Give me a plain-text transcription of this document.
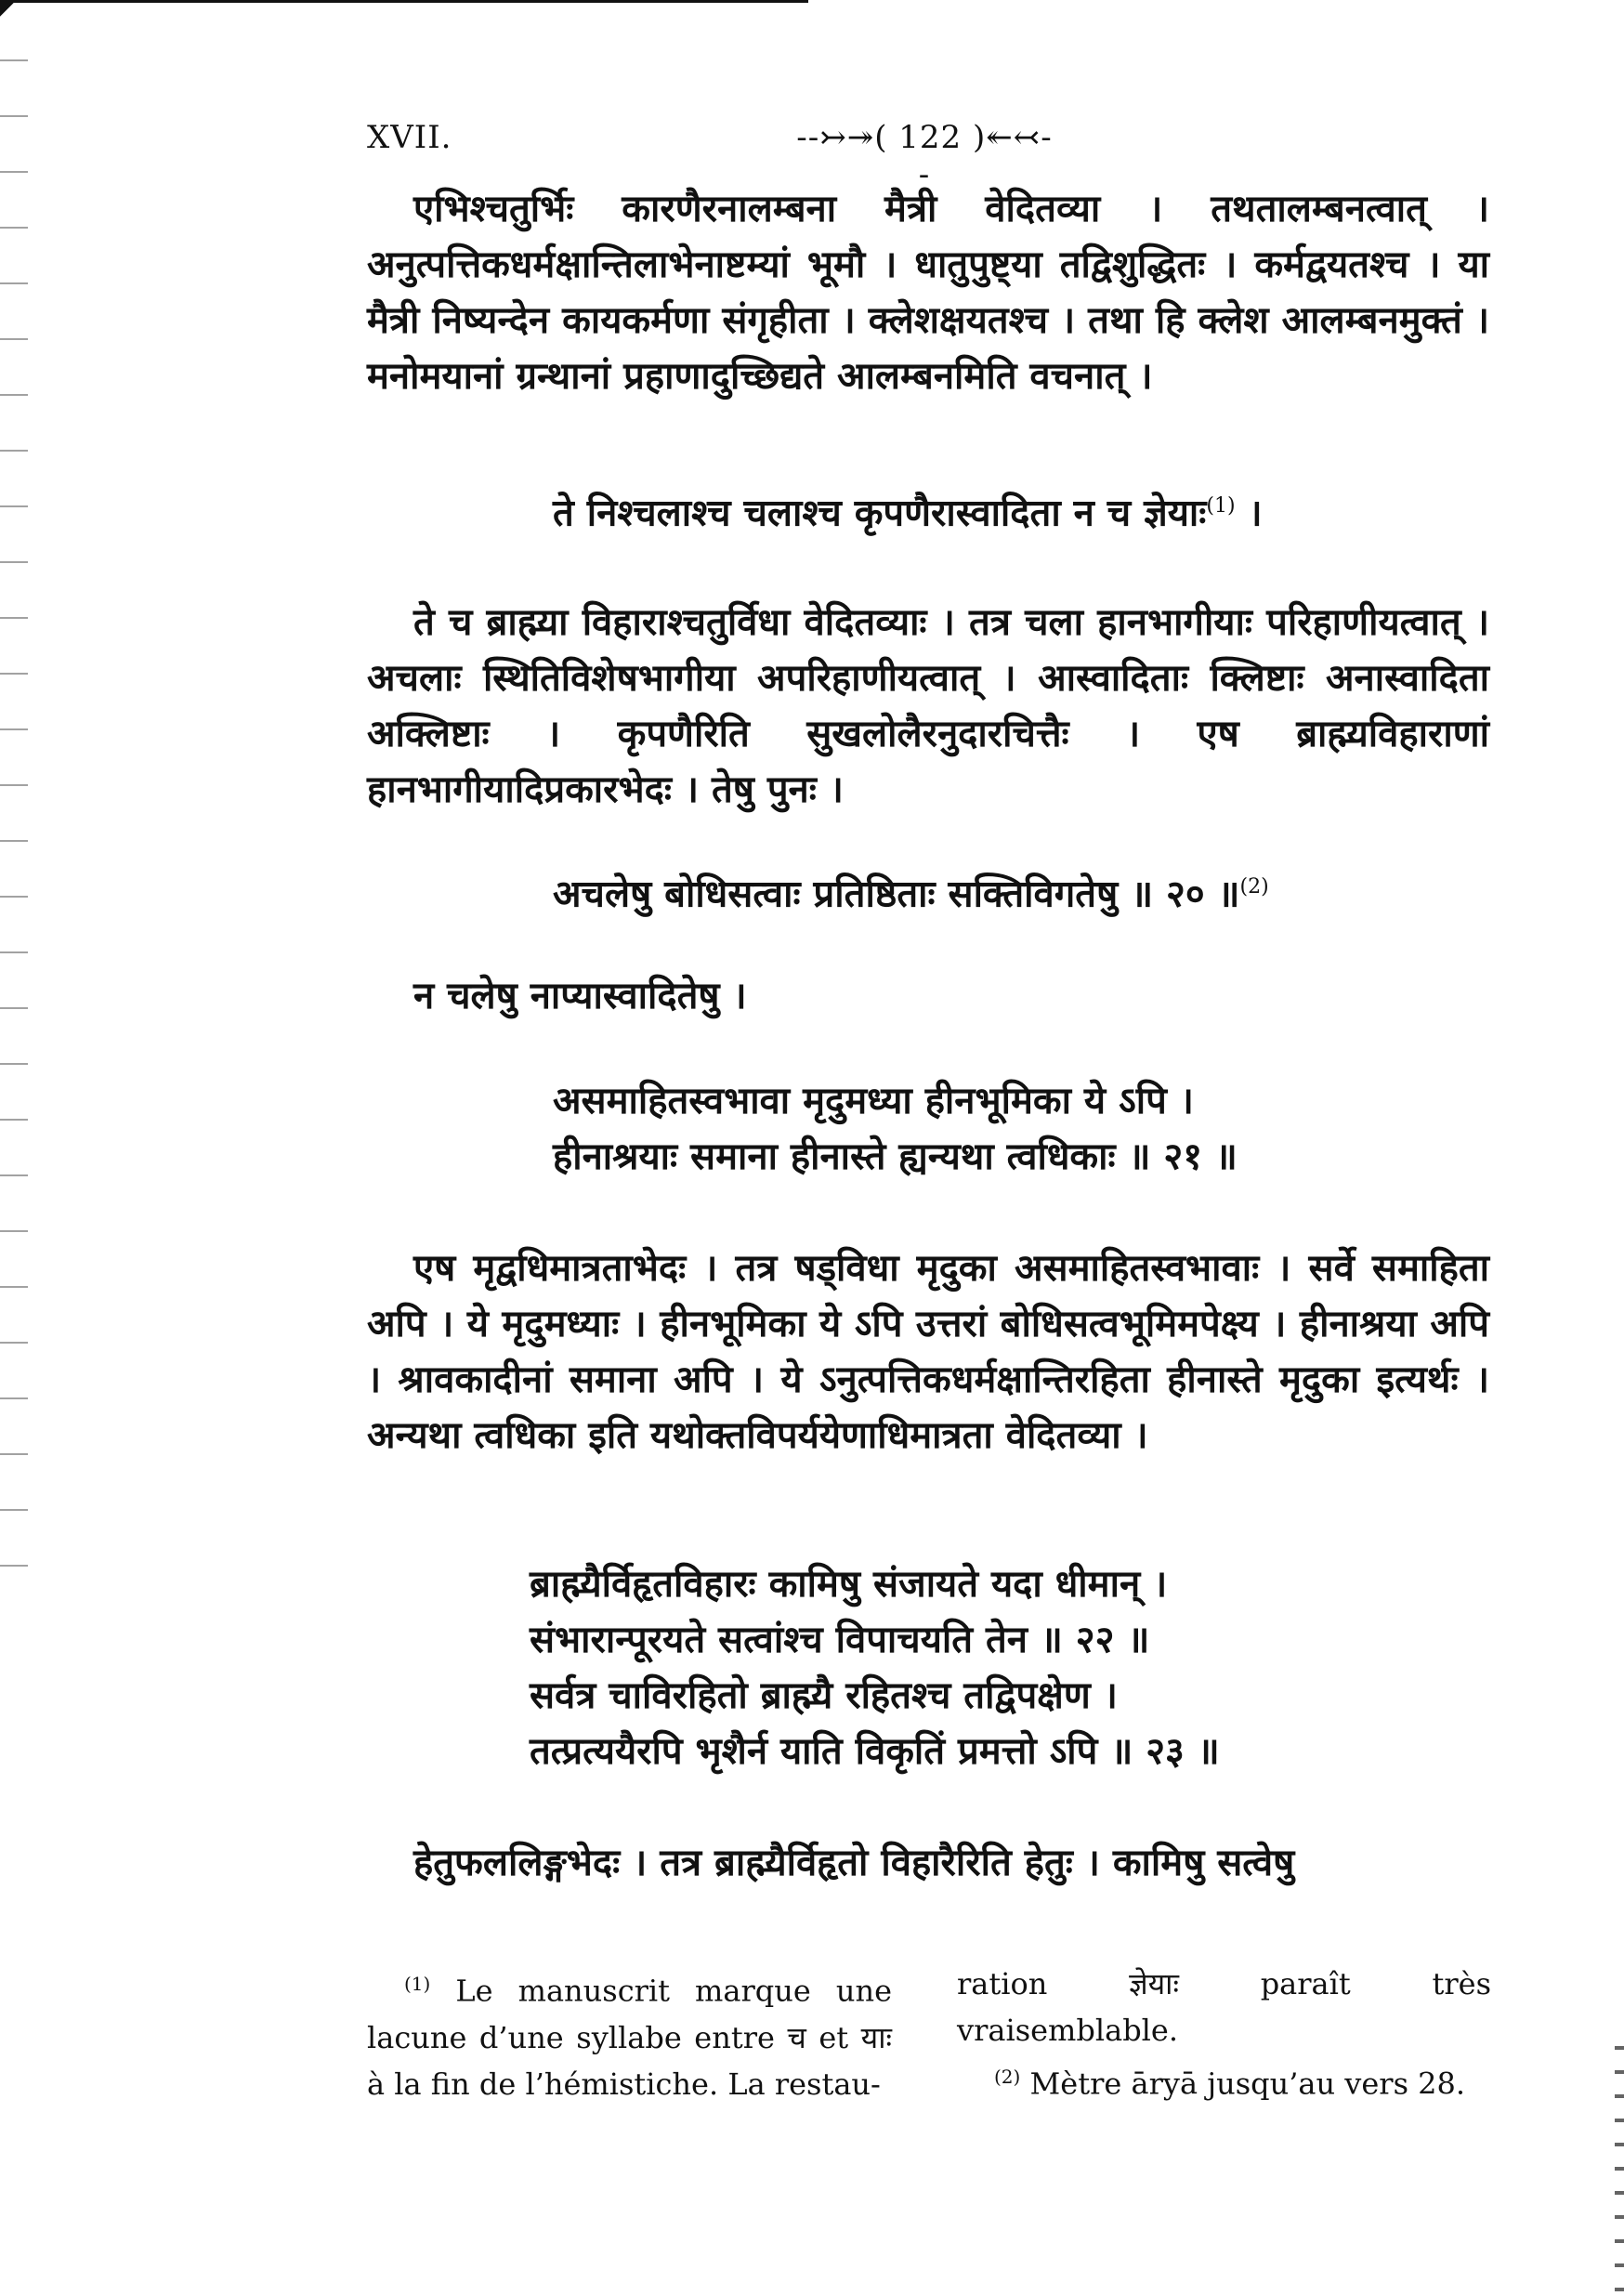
XVII.	--↣↠( 122 )↞↢--
एभिश्चतुर्भिः कारणैरनालम्बना मैत्री वेदितव्या । तथतालम्बनत्वात् । अनुत्पत्तिकधर्मक्षान्तिलाभेनाष्टम्यां भूमौ । धातुपुष्ट्या तद्विशुद्धितः । कर्मद्वयतश्च । या मैत्री निष्यन्देन कायकर्मणा संगृहीता । क्लेशक्षयतश्च । तथा हि क्लेश आलम्बनमुक्तं । मनोमयानां ग्रन्थानां प्रहाणादुच्छिद्यते आलम्बनमिति वचनात् ।
ते निश्चलाश्च चलाश्च कृपणैरास्वादिता न च ज्ञेयाः$^{(1)}$ ।
ते च ब्राह्म्या विहाराश्चतुर्विधा वेदितव्याः । तत्र चला हानभागीयाः परिहाणीयत्वात् । अचलाः स्थितिविशेषभागीया अपरिहाणीयत्वात् । आस्वादिताः क्लिष्टाः अनास्वादिता अक्लिष्टाः । कृपणैरिति सुखलोलैरनुदारचित्तैः । एष ब्राह्म्यविहाराणां हानभागीयादिप्रकारभेदः । तेषु पुनः ।
अचलेषु बोधिसत्वाः प्रतिष्ठिताः सक्तिविगतेषु ॥ २० ॥$^{(2)}$
न चलेषु नाप्यास्वादितेषु ।
असमाहितस्वभावा मृदुमध्या हीनभूमिका ये ऽपि ।
हीनाश्रयाः समाना हीनास्ते ह्यन्यथा त्वधिकाः ॥ २१ ॥
एष मृद्वधिमात्रताभेदः । तत्र षड्विधा मृदुका असमाहितस्वभावाः । सर्वे समाहिता अपि । ये मृदुमध्याः । हीनभूमिका ये ऽपि उत्तरां बोधिसत्वभूमिमपेक्ष्य । हीनाश्रया अपि । श्रावकादीनां समाना अपि । ये ऽनुत्पत्तिकधर्मक्षान्तिरहिता हीनास्ते मृदुका इत्यर्थः । अन्यथा त्वधिका इति यथोक्तविपर्ययेणाधिमात्रता वेदितव्या ।
ब्राह्म्यैर्विहृतविहारः कामिषु संजायते यदा धीमान् ।
संभारान्पूरयते सत्वांश्च विपाचयति तेन ॥ २२ ॥
सर्वत्र चाविरहितो ब्राह्म्यै रहितश्च तद्विपक्षेण ।
तत्प्रत्ययैरपि भृशैर्न याति विकृतिं प्रमत्तो ऽपि ॥ २३ ॥
हेतुफललिङ्गभेदः । तत्र ब्राह्म्यैर्विहृतो विहारैरिति हेतुः । कामिषु सत्वेषु
$^{(1)}$ Le manuscrit marque une lacune d’une syllabe entre च et याः à la fin de l’hémistiche. La restau-
ration ज्ञेयाः paraît très vraisemblable.
$^{(2)}$ Mètre āryā jusqu’au vers 28.
